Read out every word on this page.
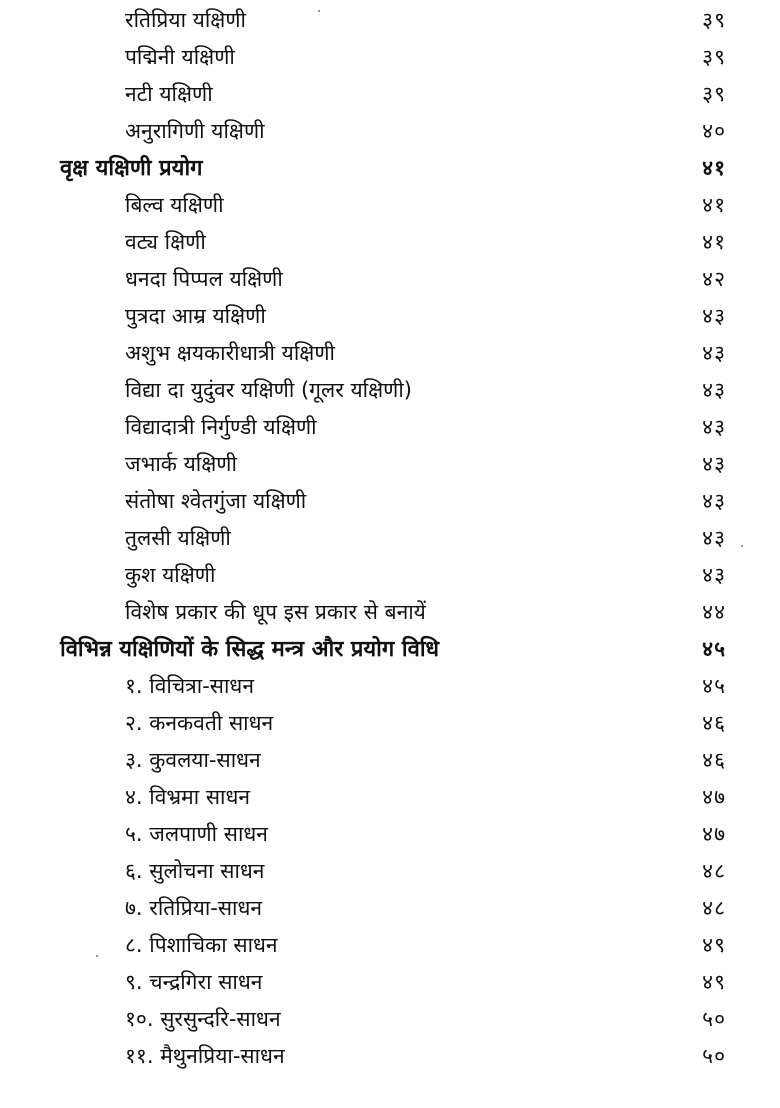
रतिप्रिया यक्षिणी	३९
पद्मिनी यक्षिणी	३९
नटी यक्षिणी	३९
अनुरागिणी यक्षिणी	४०
वृक्ष यक्षिणी प्रयोग	४१
बिल्व यक्षिणी	४१
वट्य क्षिणी	४१
धनदा पिप्पल यक्षिणी	४२
पुत्रदा आम्र यक्षिणी	४३
अशुभ क्षयकारीधात्री यक्षिणी	४३
विद्या दा युदुंवर यक्षिणी (गूलर यक्षिणी)	४३
विद्यादात्री निर्गुण्डी यक्षिणी	४३
जभार्क यक्षिणी	४३
संतोषा श्वेतगुंजा यक्षिणी	४३
तुलसी यक्षिणी	४३
कुश यक्षिणी	४३
विशेष प्रकार की धूप इस प्रकार से बनायें	४४
विभिन्न यक्षिणियों के सिद्ध मन्त्र और प्रयोग विधि	४५
१. विचित्रा-साधन	४५
२. कनकवती साधन	४६
३. कुवलया-साधन	४६
४. विभ्रमा साधन	४७
५. जलपाणी साधन	४७
६. सुलोचना साधन	४८
७. रतिप्रिया-साधन	४८
८. पिशाचिका साधन	४९
९. चन्द्रगिरा साधन	४९
१०. सुरसुन्दरि-साधन	५०
११. मैथुनप्रिया-साधन	५०
